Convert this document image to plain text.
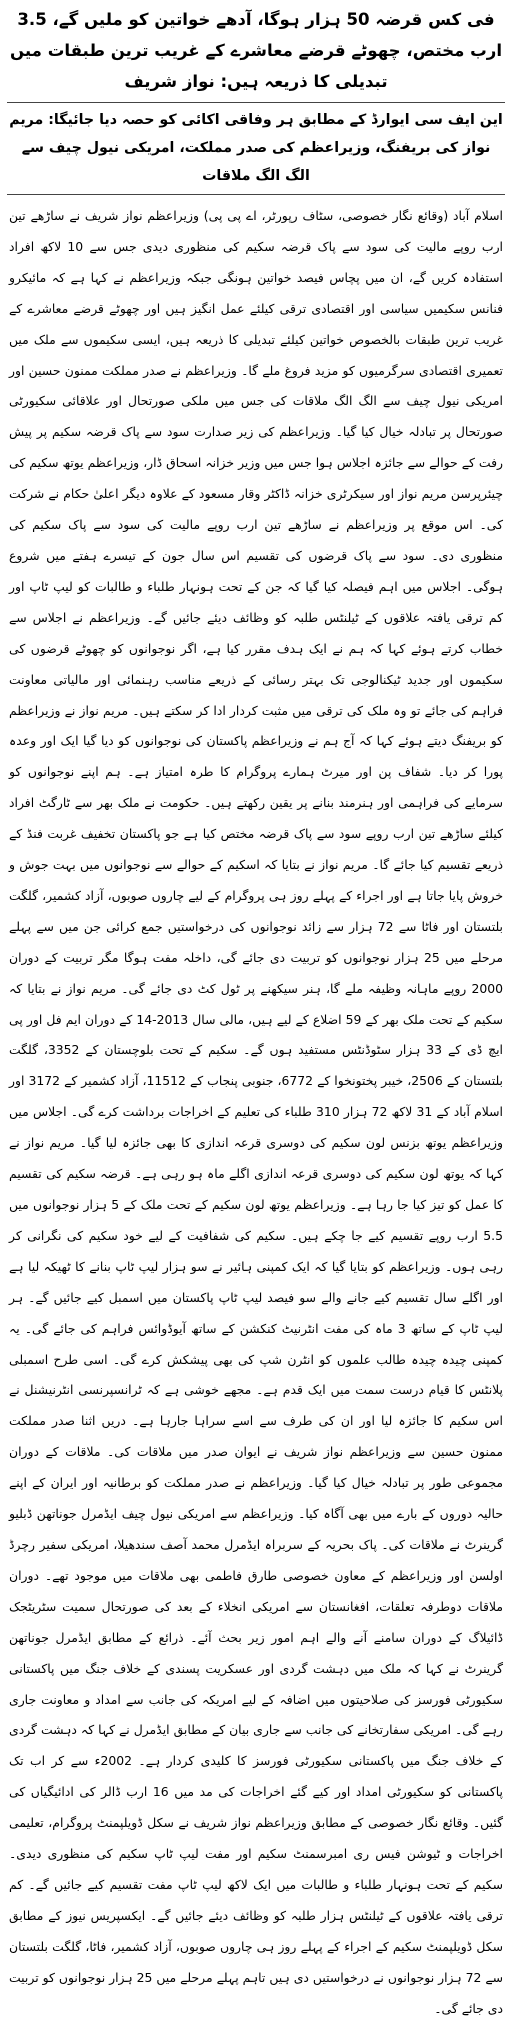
فی کس قرضہ 50 ہزار ہوگا، آدھے خواتین کو ملیں گے، 3.5 ارب مختص، چھوٹے قرضے معاشرے کے غریب ترین طبقات میں تبدیلی کا ذریعہ ہیں: نواز شریف
این ایف سی ایوارڈ کے مطابق ہر وفاقی اکائی کو حصہ دیا جائیگا: مریم نواز کی بریفنگ، وزیراعظم کی صدر مملکت، امریکی نیول چیف سے الگ الگ ملاقات

اسلام آباد (وقائع نگار خصوصی، سٹاف رپورٹر، اے پی پی) وزیراعظم نواز شریف نے ساڑھے تین ارب روپے مالیت کی سود سے پاک قرضہ سکیم کی منظوری دیدی جس سے 10 لاکھ افراد استفادہ کریں گے، ان میں پچاس فیصد خواتین ہونگی جبکہ وزیراعظم نے کہا ہے کہ مائیکرو فنانس سکیمیں سیاسی اور اقتصادی ترقی کیلئے عمل انگیز ہیں اور چھوٹے قرضے معاشرے کے غریب ترین طبقات بالخصوص خواتین کیلئے تبدیلی کا ذریعہ ہیں، ایسی سکیموں سے ملک میں تعمیری اقتصادی سرگرمیوں کو مزید فروغ ملے گا۔ وزیراعظم نے صدر مملکت ممنون حسین اور امریکی نیول چیف سے الگ الگ ملاقات کی جس میں ملکی صورتحال اور علاقائی سکیورٹی صورتحال پر تبادلہ خیال کیا گیا۔ وزیراعظم کی زیر صدارت سود سے پاک قرضہ سکیم پر پیش رفت کے حوالے سے جائزہ اجلاس ہوا جس میں وزیر خزانہ اسحاق ڈار، وزیراعظم یوتھ سکیم کی چیئرپرسن مریم نواز اور سیکرٹری خزانہ ڈاکٹر وقار مسعود کے علاوہ دیگر اعلیٰ حکام نے شرکت کی۔ اس موقع پر وزیراعظم نے ساڑھے تین ارب روپے مالیت کی سود سے پاک سکیم کی منظوری دی۔ سود سے پاک قرضوں کی تقسیم اس سال جون کے تیسرے ہفتے میں شروع ہوگی۔ اجلاس میں اہم فیصلہ کیا گیا کہ جن کے تحت ہونہار طلباء و طالبات کو لیپ ٹاپ اور کم ترقی یافتہ علاقوں کے ٹیلنٹس طلبہ کو وظائف دیئے جائیں گے۔ وزیراعظم نے اجلاس سے خطاب کرتے ہوئے کہا کہ ہم نے ایک ہدف مقرر کیا ہے، اگر نوجوانوں کو چھوٹے قرضوں کی سکیموں اور جدید ٹیکنالوجی تک بہتر رسائی کے ذریعے مناسب رہنمائی اور مالیاتی معاونت فراہم کی جائے تو وہ ملک کی ترقی میں مثبت کردار ادا کر سکتے ہیں۔ مریم نواز نے وزیراعظم کو بریفنگ دیتے ہوئے کہا کہ آج ہم نے وزیراعظم پاکستان کی نوجوانوں کو دیا گیا ایک اور وعدہ پورا کر دیا۔ شفاف پن اور میرٹ ہمارے پروگرام کا طرہ امتیاز ہے۔ ہم اپنے نوجوانوں کو سرمایے کی فراہمی اور ہنرمند بنانے پر یقین رکھتے ہیں۔ حکومت نے ملک بھر سے ٹارگٹ افراد کیلئے ساڑھے تین ارب روپے سود سے پاک قرضہ مختص کیا ہے جو پاکستان تخفیف غربت فنڈ کے ذریعے تقسیم کیا جائے گا۔ مریم نواز نے بتایا کہ اسکیم کے حوالے سے نوجوانوں میں بہت جوش و خروش پایا جاتا ہے اور اجراء کے پہلے روز ہی پروگرام کے لیے چاروں صوبوں، آزاد کشمیر، گلگت بلتستان اور فاٹا سے 72 ہزار سے زائد نوجوانوں کی درخواستیں جمع کرائی جن میں سے پہلے مرحلے میں 25 ہزار نوجوانوں کو تربیت دی جائے گی، داخلہ مفت ہوگا مگر تربیت کے دوران 2000 روپے ماہانہ وظیفہ ملے گا، ہنر سیکھنے پر ٹول کٹ دی جائے گی۔ مریم نواز نے بتایا کہ سکیم کے تحت ملک بھر کے 59 اضلاع کے لیے ہیں، مالی سال 2013-14 کے دوران ایم فل اور پی ایچ ڈی کے 33 ہزار سٹوڈنٹس مستفید ہوں گے۔ سکیم کے تحت بلوچستان کے 3352، گلگت بلتستان کے 2506، خیبر پختونخوا کے 6772، جنوبی پنجاب کے 11512، آزاد کشمیر کے 3172 اور اسلام آباد کے 31 لاکھ 72 ہزار 310 طلباء کی تعلیم کے اخراجات برداشت کرے گی۔ اجلاس میں وزیراعظم یوتھ بزنس لون سکیم کی دوسری قرعہ اندازی کا بھی جائزہ لیا گیا۔ مریم نواز نے کہا کہ یوتھ لون سکیم کی دوسری قرعہ اندازی اگلے ماہ ہو رہی ہے۔ قرضہ سکیم کی تقسیم کا عمل کو تیز کیا جا رہا ہے۔ وزیراعظم یوتھ لون سکیم کے تحت ملک کے 5 ہزار نوجوانوں میں 5.5 ارب روپے تقسیم کیے جا چکے ہیں۔ سکیم کی شفافیت کے لیے خود سکیم کی نگرانی کر رہی ہوں۔ وزیراعظم کو بتایا گیا کہ ایک کمپنی ہائیر نے سو ہزار لیپ ٹاپ بنانے کا ٹھیکہ لیا ہے اور اگلے سال تقسیم کیے جانے والے سو فیصد لیپ ٹاپ پاکستان میں اسمبل کیے جائیں گے۔ ہر لیپ ٹاپ کے ساتھ 3 ماہ کی مفت انٹرنیٹ کنکشن کے ساتھ آیوڈوائس فراہم کی جائے گی۔ یہ کمپنی چیدہ چیدہ طالب علموں کو انٹرن شپ کی بھی پیشکش کرے گی۔ اسی طرح اسمبلی پلانٹس کا قیام درست سمت میں ایک قدم ہے۔ مجھے خوشی ہے کہ ٹرانسپرنسی انٹرنیشنل نے اس سکیم کا جائزہ لیا اور ان کی طرف سے اسے سراہا جارہا ہے۔ دریں اثنا صدر مملکت ممنون حسین سے وزیراعظم نواز شریف نے ایوان صدر میں ملاقات کی۔ ملاقات کے دوران مجموعی طور پر تبادلہ خیال کیا گیا۔ وزیراعظم نے صدر مملکت کو برطانیہ اور ایران کے اپنے حالیہ دوروں کے بارے میں بھی آگاہ کیا۔ وزیراعظم سے امریکی نیول چیف ایڈمرل جوناتھن ڈبلیو گرینرٹ نے ملاقات کی۔ پاک بحریہ کے سربراہ ایڈمرل محمد آصف سندھیلا، امریکی سفیر رچرڈ اولسن اور وزیراعظم کے معاون خصوصی طارق فاطمی بھی ملاقات میں موجود تھے۔ دوران ملاقات دوطرفہ تعلقات، افغانستان سے امریکی انخلاء کے بعد کی صورتحال سمیت سٹریٹجک ڈائیلاگ کے دوران سامنے آنے والے اہم امور زیر بحث آئے۔ ذرائع کے مطابق ایڈمرل جوناتھن گرینرٹ نے کہا کہ ملک میں دہشت گردی اور عسکریت پسندی کے خلاف جنگ میں پاکستانی سکیورٹی فورسز کی صلاحیتوں میں اضافہ کے لیے امریکہ کی جانب سے امداد و معاونت جاری رہے گی۔ امریکی سفارتخانے کی جانب سے جاری بیان کے مطابق ایڈمرل نے کہا کہ دہشت گردی کے خلاف جنگ میں پاکستانی سکیورٹی فورسز کا کلیدی کردار ہے۔ 2002ء سے کر اب تک پاکستانی کو سکیورٹی امداد اور کیے گئے اخراجات کی مد میں 16 ارب ڈالر کی ادائیگیاں کی گئیں۔ وقائع نگار خصوصی کے مطابق وزیراعظم نواز شریف نے سکل ڈویلپمنٹ پروگرام، تعلیمی اخراجات و ٹیوشن فیس ری امبرسمنٹ سکیم اور مفت لیپ ٹاپ سکیم کی منظوری دیدی۔ سکیم کے تحت ہونہار طلباء و طالبات میں ایک لاکھ لیپ ٹاپ مفت تقسیم کیے جائیں گے۔ کم ترقی یافتہ علاقوں کے ٹیلنٹس ہزار طلبہ کو وظائف دیئے جائیں گے۔ ایکسپریس نیوز کے مطابق سکل ڈویلپمنٹ سکیم کے اجراء کے پہلے روز ہی چاروں صوبوں، آزاد کشمیر، فاٹا، گلگت بلتستان سے 72 ہزار نوجوانوں نے درخواستیں دی ہیں تاہم پہلے مرحلے میں 25 ہزار نوجوانوں کو تربیت دی جائے گی۔
